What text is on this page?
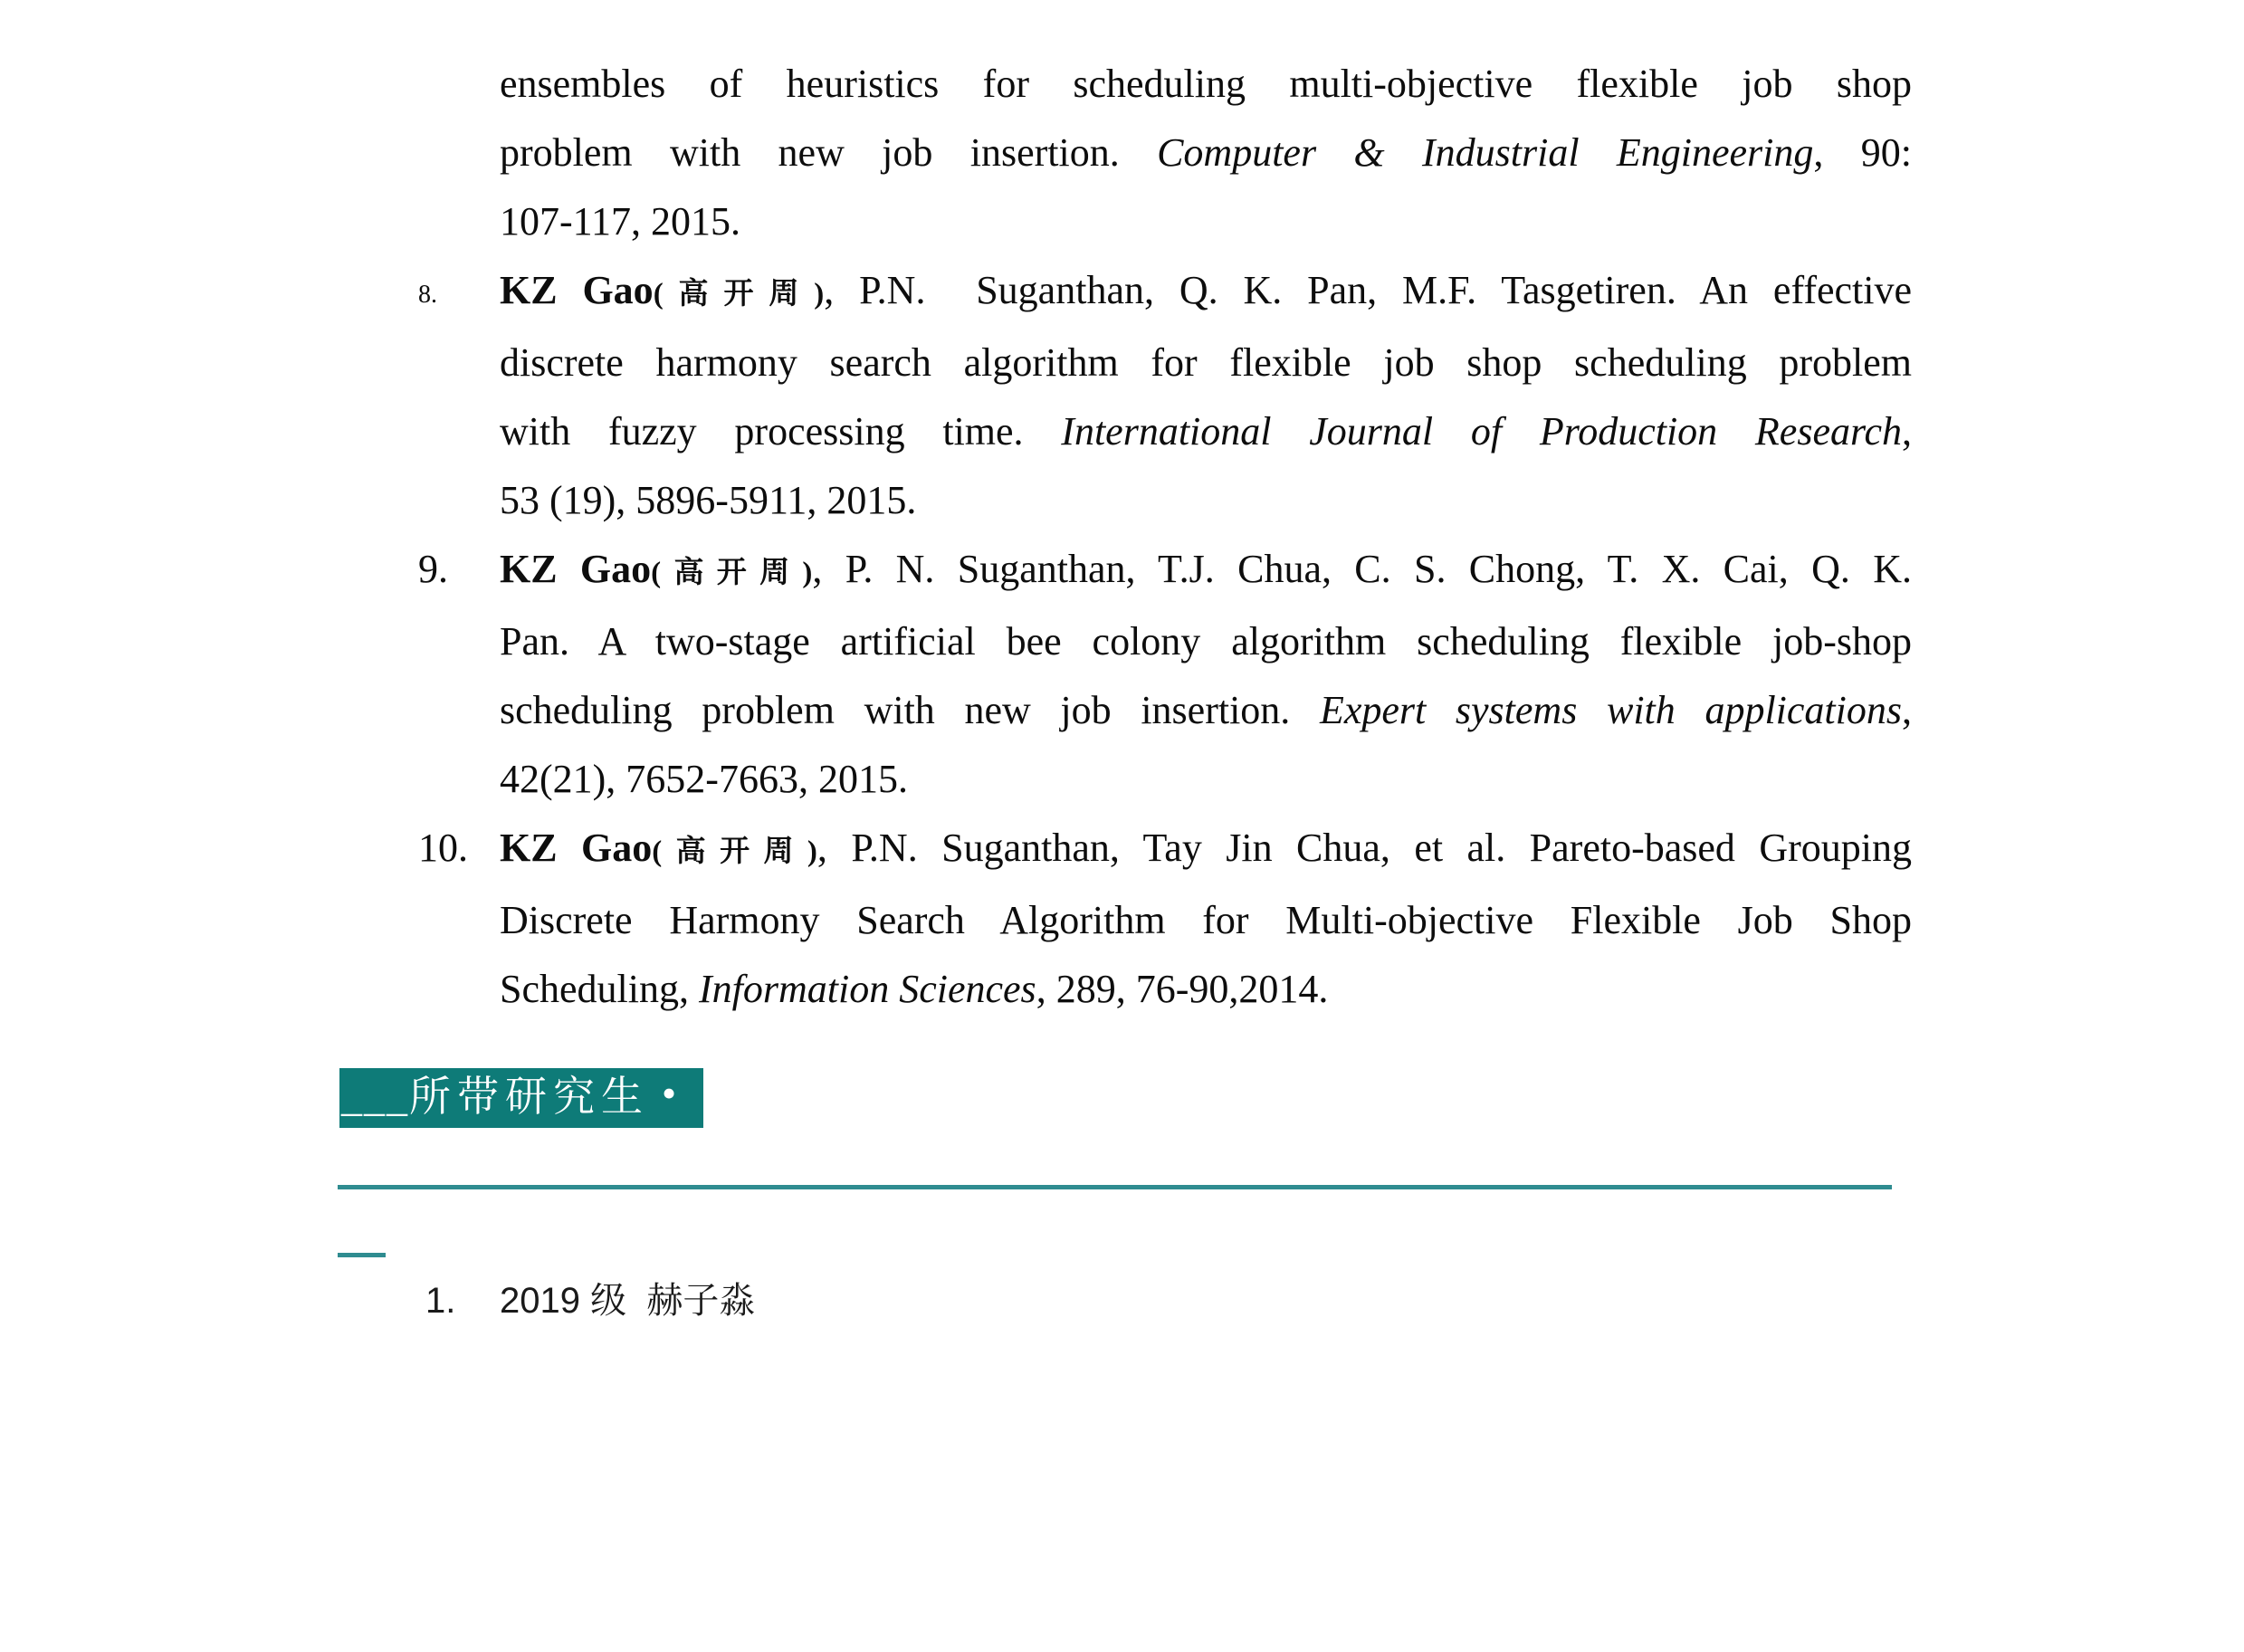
ensembles of heuristics for scheduling multi-objective flexible job shop
problem with new job insertion. Computer & Industrial Engineering, 90:
107-117, 2015.
8.	KZ Gao(高开周), P.N.  Suganthan, Q. K. Pan, M.F. Tasgetiren. An effective
discrete harmony search algorithm for flexible job shop scheduling problem
with fuzzy processing time. International Journal of Production Research,
53 (19), 5896-5911, 2015.
9.	KZ Gao(高开周), P. N. Suganthan, T.J. Chua, C. S. Chong, T. X. Cai, Q. K.
Pan. A two-stage artificial bee colony algorithm scheduling flexible job-shop
scheduling problem with new job insertion. Expert systems with applications,
42(21), 7652-7663, 2015.
10. KZ Gao(高开周), P.N. Suganthan, Tay Jin Chua, et al. Pareto-based Grouping
Discrete Harmony Search Algorithm for Multi-objective Flexible Job Shop
Scheduling, Information Sciences, 289, 76-90,2014.
___所带研究生 •
1.	2019 级  赫子淼
